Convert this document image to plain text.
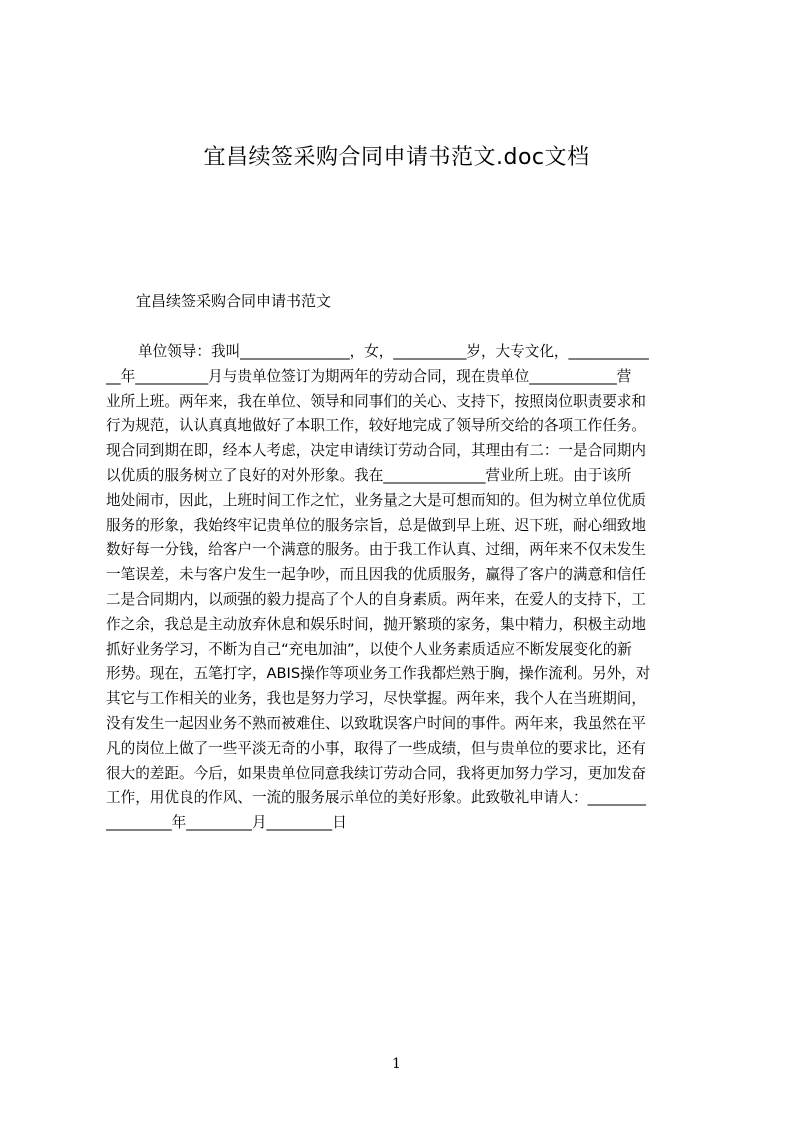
宜昌续签采购合同申请书范文.doc文档
宜昌续签采购合同申请书范文
单位领导：我叫_______________，女，__________岁，大专文化，___________
__年__________月与贵单位签订为期两年的劳动合同，现在贵单位____________营
业所上班。两年来，我在单位、领导和同事们的关心、支持下，按照岗位职责要求和
行为规范，认认真真地做好了本职工作，较好地完成了领导所交给的各项工作任务。
现合同到期在即，经本人考虑，决定申请续订劳动合同，其理由有二：一是合同期内
以优质的服务树立了良好的对外形象。我在______________营业所上班。由于该所
地处闹市，因此，上班时间工作之忙，业务量之大是可想而知的。但为树立单位优质
服务的形象，我始终牢记贵单位的服务宗旨，总是做到早上班、迟下班，耐心细致地
数好每一分钱，给客户一个满意的服务。由于我工作认真、过细，两年来不仅未发生
一笔误差，未与客户发生一起争吵，而且因我的优质服务，赢得了客户的满意和信任
二是合同期内，以顽强的毅力提高了个人的自身素质。两年来，在爱人的支持下，工
作之余，我总是主动放弃休息和娱乐时间，抛开繁琐的家务，集中精力，积极主动地
抓好业务学习，不断为自己“充电加油”，以使个人业务素质适应不断发展变化的新
形势。现在，五笔打字，ABIS操作等项业务工作我都烂熟于胸，操作流利。另外，对
其它与工作相关的业务，我也是努力学习，尽快掌握。两年来，我个人在当班期间，
没有发生一起因业务不熟而被难住、以致耽误客户时间的事件。两年来，我虽然在平
凡的岗位上做了一些平淡无奇的小事，取得了一些成绩，但与贵单位的要求比，还有
很大的差距。今后，如果贵单位同意我续订劳动合同，我将更加努力学习，更加发奋
工作，用优良的作风、一流的服务展示单位的美好形象。此致敬礼申请人：________
_________年_________月_________日
1
